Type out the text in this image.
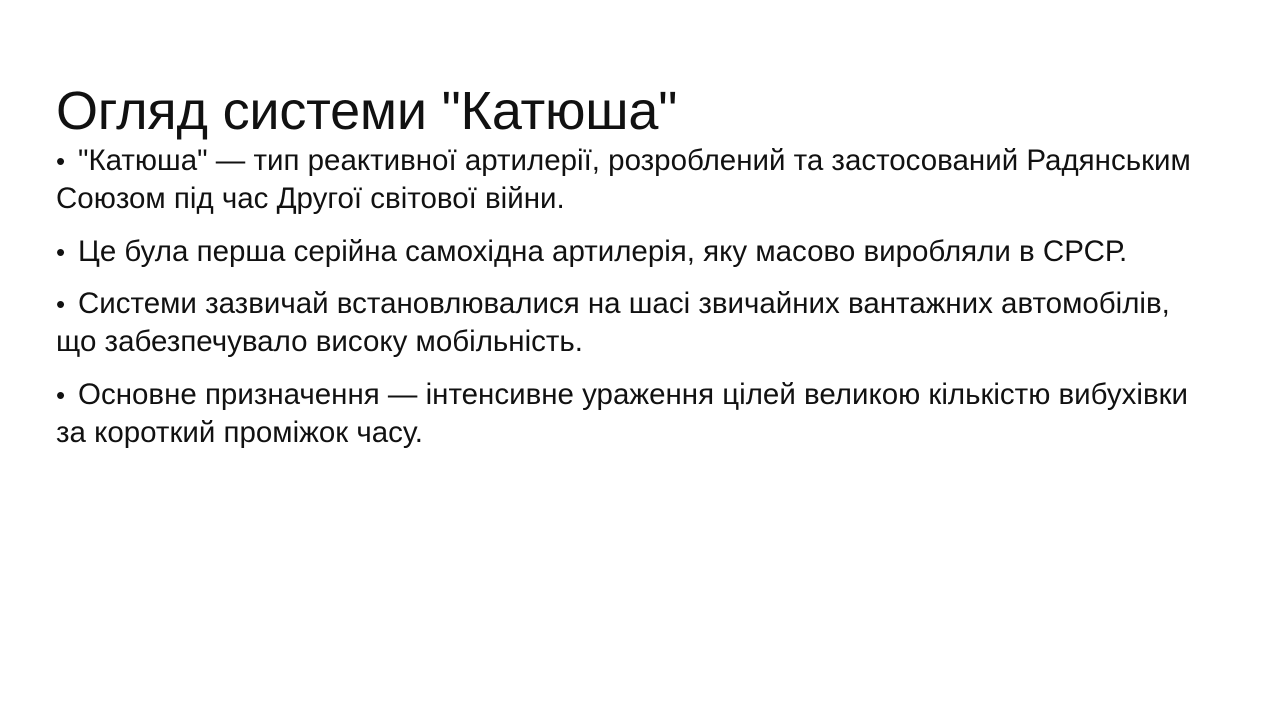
Огляд системи "Катюша"
• "Катюша" — тип реактивної артилерії, розроблений та застосований Радянським Союзом під час Другої світової війни.
• Це була перша серійна самохідна артилерія, яку масово виробляли в СРСР.
• Системи зазвичай встановлювалися на шасі звичайних вантажних автомобілів, що забезпечувало високу мобільність.
• Основне призначення — інтенсивне ураження цілей великою кількістю вибухівки за короткий проміжок часу.
